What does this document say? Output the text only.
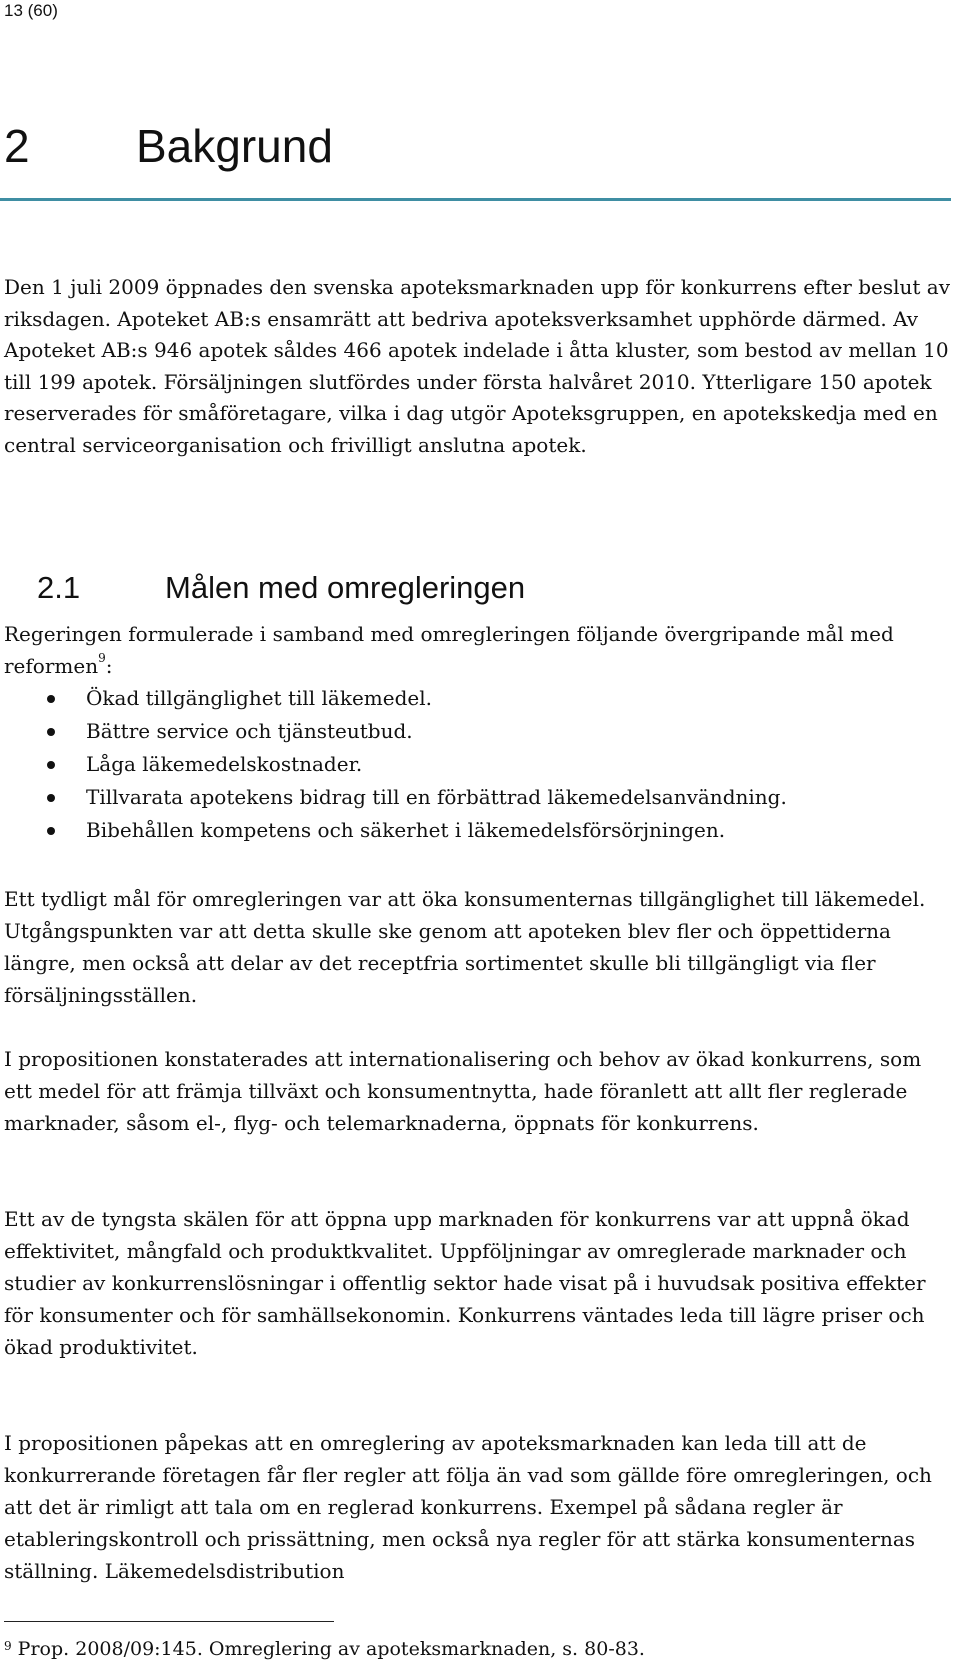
13 (60)
2 Bakgrund

Den 1 juli 2009 öppnades den svenska apoteksmarknaden upp för konkurrens efter beslut av riksdagen. Apoteket AB:s ensamrätt att bedriva apoteksverksamhet upphörde därmed. Av Apoteket AB:s 946 apotek såldes 466 apotek indelade i åtta kluster, som bestod av mellan 10 till 199 apotek. Försäljningen slutfördes under första halvåret 2010. Ytterligare 150 apotek reserverades för småföretagare, vilka i dag utgör Apoteksgruppen, en apotekskedja med en central serviceorganisation och frivilligt anslutna apotek.

2.1	Målen med omregleringen

Regeringen formulerade i samband med omregleringen följande övergripande mål med reformen$^9$:

Ökad tillgänglighet till läkemedel.
Bättre service och tjänsteutbud.
Låga läkemedelskostnader.
Tillvarata apotekens bidrag till en förbättrad läkemedelsanvändning.
Bibehållen kompetens och säkerhet i läkemedelsförsörjningen.

Ett tydligt mål för omregleringen var att öka konsumenternas tillgänglighet till läkemedel. Utgångspunkten var att detta skulle ske genom att apoteken blev fler och öppettiderna längre, men också att delar av det receptfria sortimentet skulle bli tillgängligt via fler försäljningsställen.

I propositionen konstaterades att internationalisering och behov av ökad konkurrens, som ett medel för att främja tillväxt och konsumentnytta, hade föranlett att allt fler reglerade marknader, såsom el-, flyg- och telemarknaderna, öppnats för konkurrens.

Ett av de tyngsta skälen för att öppna upp marknaden för konkurrens var att uppnå ökad effektivitet, mångfald och produktkvalitet. Uppföljningar av omreglerade marknader och studier av konkurrenslösningar i offentlig sektor hade visat på i huvudsak positiva effekter för konsumenter och för samhällsekonomin. Konkurrens väntades leda till lägre priser och ökad produktivitet.

I propositionen påpekas att en omreglering av apoteksmarknaden kan leda till att de konkurrerande företagen får fler regler att följa än vad som gällde före omregleringen, och att det är rimligt att tala om en reglerad konkurrens. Exempel på sådana regler är etableringskontroll och prissättning, men också nya regler för att stärka konsumenternas ställning. Läkemedelsdistribution

$^9$ Prop. 2008/09:145. Omreglering av apoteksmarknaden, s. 80-83.
